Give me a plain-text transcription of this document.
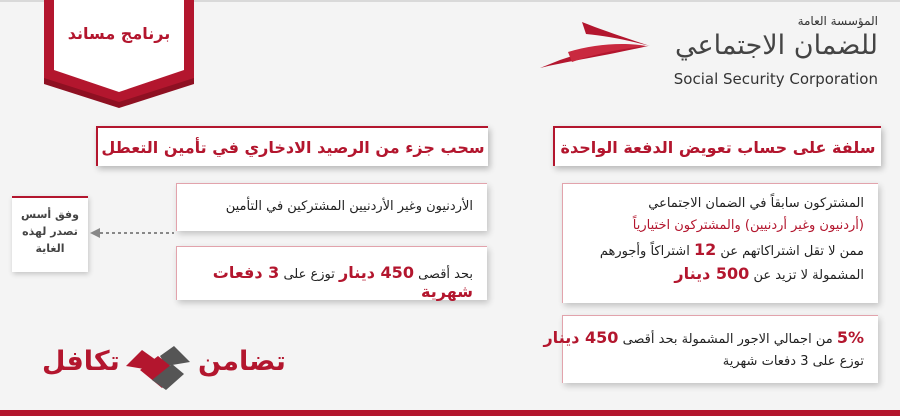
برنامج مساند
المؤسسة العامة
للضمان الاجتماعي
Social Security Corporation
سحب جزء من الرصيد الادخاري في تأمين التعطل
الأردنيون وغير الأردنيين المشتركين في التأمين
بحد أقصى 450 دينار توزع على 3 دفعات شهرية
وفق أسس تصدر لهذه الغاية
سلفة على حساب تعويض الدفعة الواحدة
المشتركون سابقاً في الضمان الاجتماعي
(أردنيون وغير أردنيين) والمشتركون اختيارياً
ممن لا تقل اشتراكاتهم عن 12 اشتراكاً وأجورهم
المشمولة لا تزيد عن 500 دينار
5% من اجمالي الاجور المشمولة بحد أقصى 450 دينار
توزع على 3 دفعات شهرية
تكافل	تضامن
